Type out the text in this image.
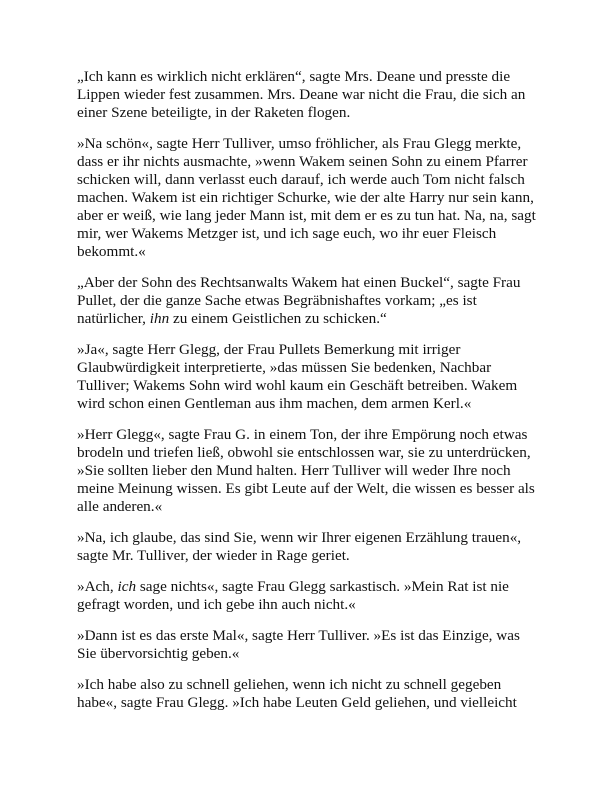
„Ich kann es wirklich nicht erklären“, sagte Mrs. Deane und presste die Lippen wieder fest zusammen. Mrs. Deane war nicht die Frau, die sich an einer Szene beteiligte, in der Raketen flogen.

»Na schön«, sagte Herr Tulliver, umso fröhlicher, als Frau Glegg merkte, dass er ihr nichts ausmachte, »wenn Wakem seinen Sohn zu einem Pfarrer schicken will, dann verlasst euch darauf, ich werde auch Tom nicht falsch machen. Wakem ist ein richtiger Schurke, wie der alte Harry nur sein kann, aber er weiß, wie lang jeder Mann ist, mit dem er es zu tun hat. Na, na, sagt mir, wer Wakems Metzger ist, und ich sage euch, wo ihr euer Fleisch bekommt.«

„Aber der Sohn des Rechtsanwalts Wakem hat einen Buckel“, sagte Frau Pullet, der die ganze Sache etwas Begräbnishaftes vorkam; „es ist natürlicher, ihn zu einem Geistlichen zu schicken.“

»Ja«, sagte Herr Glegg, der Frau Pullets Bemerkung mit irriger Glaubwürdigkeit interpretierte, »das müssen Sie bedenken, Nachbar Tulliver; Wakems Sohn wird wohl kaum ein Geschäft betreiben. Wakem wird schon einen Gentleman aus ihm machen, dem armen Kerl.«

»Herr Glegg«, sagte Frau G. in einem Ton, der ihre Empörung noch etwas brodeln und triefen ließ, obwohl sie entschlossen war, sie zu unterdrücken, »Sie sollten lieber den Mund halten. Herr Tulliver will weder Ihre noch meine Meinung wissen. Es gibt Leute auf der Welt, die wissen es besser als alle anderen.«

»Na, ich glaube, das sind Sie, wenn wir Ihrer eigenen Erzählung trauen«, sagte Mr. Tulliver, der wieder in Rage geriet.

»Ach, ich sage nichts«, sagte Frau Glegg sarkastisch. »Mein Rat ist nie gefragt worden, und ich gebe ihn auch nicht.«

»Dann ist es das erste Mal«, sagte Herr Tulliver. »Es ist das Einzige, was Sie übervorsichtig geben.«

»Ich habe also zu schnell geliehen, wenn ich nicht zu schnell gegeben habe«, sagte Frau Glegg. »Ich habe Leuten Geld geliehen, und vielleicht
